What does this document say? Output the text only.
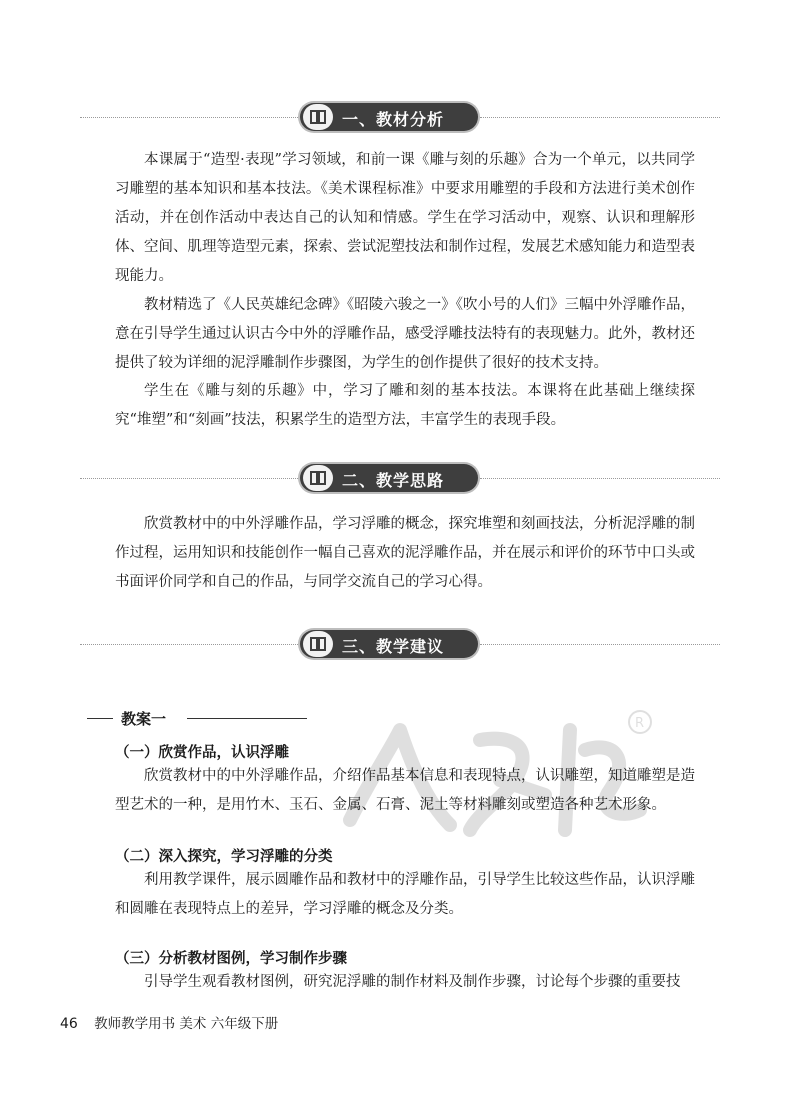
R
一、教材分析

本课属于“造型·表现”学习领域，和前一课《雕与刻的乐趣》合为一个单元，以共同学习雕塑的基本知识和基本技法。《美术课程标准》中要求用雕塑的手段和方法进行美术创作活动，并在创作活动中表达自己的认知和情感。学生在学习活动中，观察、认识和理解形体、空间、肌理等造型元素，探索、尝试泥塑技法和制作过程，发展艺术感知能力和造型表现能力。

教材精选了《人民英雄纪念碑》《昭陵六骏之一》《吹小号的人们》三幅中外浮雕作品，意在引导学生通过认识古今中外的浮雕作品，感受浮雕技法特有的表现魅力。此外，教材还提供了较为详细的泥浮雕制作步骤图，为学生的创作提供了很好的技术支持。

学生在《雕与刻的乐趣》中，学习了雕和刻的基本技法。本课将在此基础上继续探究“堆塑”和“刻画”技法，积累学生的造型方法，丰富学生的表现手段。

二、教学思路

欣赏教材中的中外浮雕作品，学习浮雕的概念，探究堆塑和刻画技法，分析泥浮雕的制作过程，运用知识和技能创作一幅自己喜欢的泥浮雕作品，并在展示和评价的环节中口头或书面评价同学和自己的作品，与同学交流自己的学习心得。

三、教学建议
教案一

（一）欣赏作品，认识浮雕

欣赏教材中的中外浮雕作品，介绍作品基本信息和表现特点，认识雕塑，知道雕塑是造型艺术的一种，是用竹木、玉石、金属、石膏、泥土等材料雕刻或塑造各种艺术形象。

（二）深入探究，学习浮雕的分类

利用教学课件，展示圆雕作品和教材中的浮雕作品，引导学生比较这些作品，认识浮雕和圆雕在表现特点上的差异，学习浮雕的概念及分类。

（三）分析教材图例，学习制作步骤

引导学生观看教材图例，研究泥浮雕的制作材料及制作步骤，讨论每个步骤的重要技

46 教师教学用书 美术 六年级下册
